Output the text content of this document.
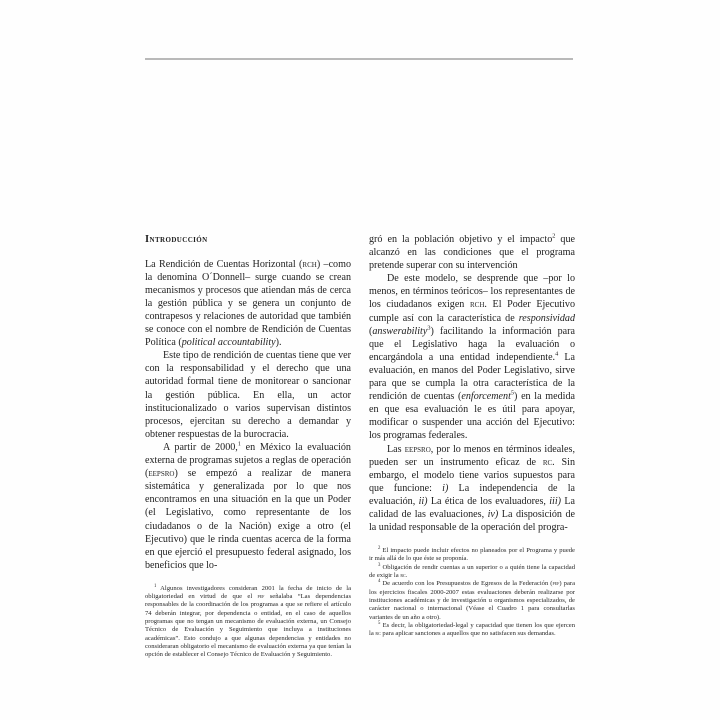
Introducción

La Rendición de Cuentas Horizontal (rch) –como la denomina O´Donnell– surge cuando se crean mecanismos y procesos que atiendan más de cerca la gestión pública y se genera un conjunto de contrapesos y relaciones de autoridad que también se conoce con el nombre de Rendición de Cuentas Política (political accountability).

Este tipo de rendición de cuentas tiene que ver con la responsabilidad y el derecho que una autoridad formal tiene de monitorear o sancionar la gestión pública. En ella, un actor institucionalizado o varios supervisan distintos procesos, ejercitan su derecho a demandar y obtener respuestas de la burocracia.

A partir de 2000,$^1$ en México la evaluación externa de programas sujetos a reglas de operación (eepsro) se empezó a realizar de manera sistemática y generalizada por lo que nos encontramos en una situación en la que un Poder (el Legislativo, como representante de los ciudadanos o de la Nación) exige a otro (el Ejecutivo) que le rinda cuentas acerca de la forma en que ejerció el presupuesto federal asignado, los beneficios que lo-

$^1$ Algunos investigadores consideran 2001 la fecha de inicio de la obligatoriedad en virtud de que el pef señalaba “Las dependencias responsables de la coordinación de los programas a que se refiere el artículo 74 deberán integrar, por dependencia o entidad, en el caso de aquellos programas que no tengan un mecanismo de evaluación externa, un Consejo Técnico de Evaluación y Seguimiento que incluya a instituciones académicas”. Esto condujo a que algunas dependencias y entidades no consideraran obligatorio el mecanismo de evaluación externa ya que tenían la opción de establecer el Consejo Técnico de Evaluación y Seguimiento.

gró en la población objetivo y el impacto$^2$ que alcanzó en las condiciones que el programa pretende superar con su intervención

De este modelo, se desprende que –por lo menos, en términos teóricos– los representantes de los ciudadanos exigen rch. El Poder Ejecutivo cumple así con la característica de responsividad (answerability$^3$) facilitando la información para que el Legislativo haga la evaluación o encargándola a una entidad independiente.$^4$ La evaluación, en manos del Poder Legislativo, sirve para que se cumpla la otra característica de la rendición de cuentas (enforcement$^5$) en la medida en que esa evaluación le es útil para apoyar, modificar o suspender una acción del Ejecutivo: los programas federales.

Las eepsro, por lo menos en términos ideales, pueden ser un instrumento eficaz de rc. Sin embargo, el modelo tiene varios supuestos para que funcione: i) La independencia de la evaluación, ii) La ética de los evaluadores, iii) La calidad de las evaluaciones, iv) La disposición de la unidad responsable de la operación del progra-

$^2$ El impacto puede incluir efectos no planeados por el Programa y puede ir más allá de lo que éste se proponía.

$^3$ Obligación de rendir cuentas a un superior o a quién tiene la capacidad de exigir la rc.

$^4$ De acuerdo con los Presupuestos de Egresos de la Federación (pef) para los ejercicios fiscales 2000-2007 estas evaluaciones deberán realizarse por instituciones académicas y de investigación u organismos especializados, de carácter nacional o internacional (Véase el Cuadro 1 para consultarlas variantes de un año a otro).

$^5$ Es decir, la obligatoriedad-legal y capacidad que tienen los que ejercen la rc para aplicar sanciones a aquellos que no satisfacen sus demandas.
